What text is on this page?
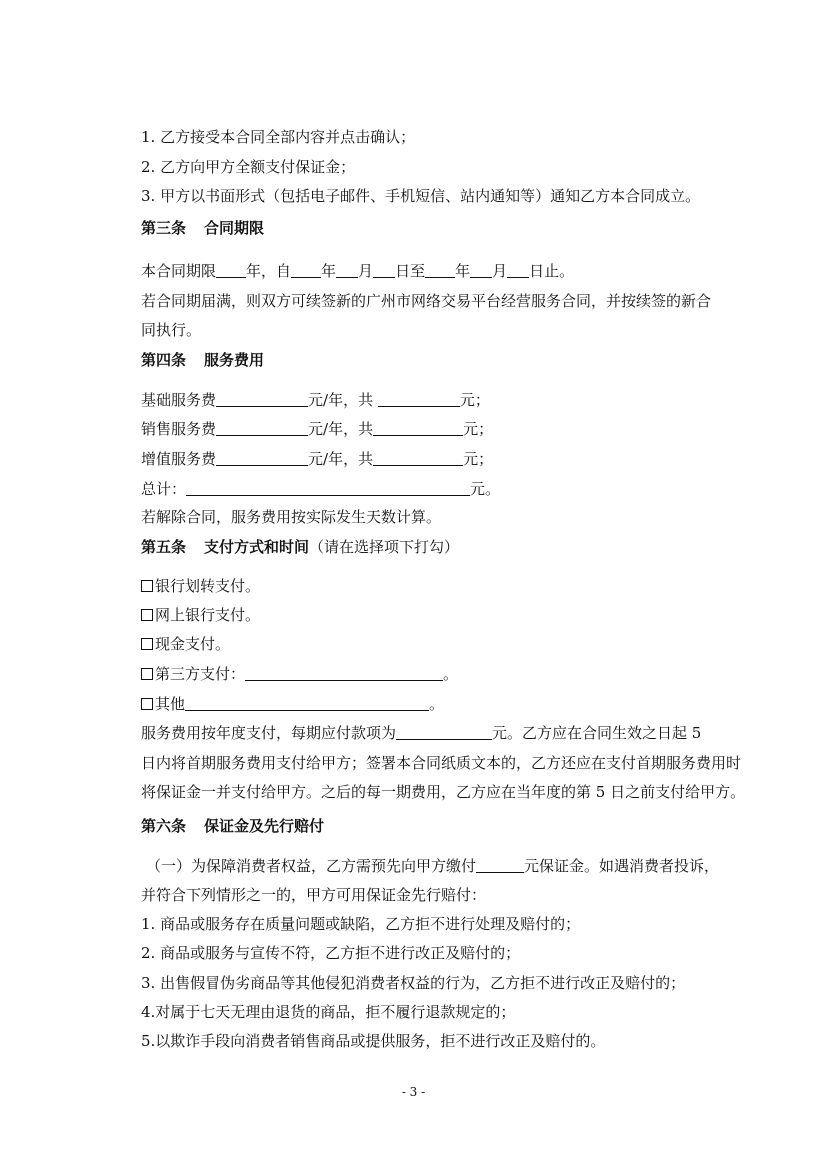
1. 乙方接受本合同全部内容并点击确认；
2. 乙方向甲方全额支付保证金；
3. 甲方以书面形式（包括电子邮件、手机短信、站内通知等）通知乙方本合同成立。
第三条 合同期限
本合同期限 年，自 年 月 日至 年 月 日止。
若合同期届满，则双方可续签新的广州市网络交易平台经营服务合同，并按续签的新合
同执行。
第四条 服务费用
基础服务费	元/年，共	元；
销售服务费	元/年，共	元；
增值服务费	元/年，共	元；
总计：	元。
若解除合同，服务费用按实际发生天数计算。
第五条 支付方式和时间（请在选择项下打勾）
银行划转支付。
网上银行支付。
现金支付。
第三方支付：	。
其他	。
服务费用按年度支付，每期应付款项为	元。乙方应在合同生效之日起 5
日内将首期服务费用支付给甲方；签署本合同纸质文本的，乙方还应在支付首期服务费用时
将保证金一并支付给甲方。之后的每一期费用，乙方应在当年度的第 5 日之前支付给甲方。
第六条 保证金及先行赔付
（一）为保障消费者权益，乙方需预先向甲方缴付	元保证金。如遇消费者投诉，
并符合下列情形之一的，甲方可用保证金先行赔付：
1. 商品或服务存在质量问题或缺陷，乙方拒不进行处理及赔付的；
2. 商品或服务与宣传不符，乙方拒不进行改正及赔付的；
3. 出售假冒伪劣商品等其他侵犯消费者权益的行为，乙方拒不进行改正及赔付的；
4.对属于七天无理由退货的商品，拒不履行退款规定的；
5.以欺诈手段向消费者销售商品或提供服务，拒不进行改正及赔付的。
- 3 -
